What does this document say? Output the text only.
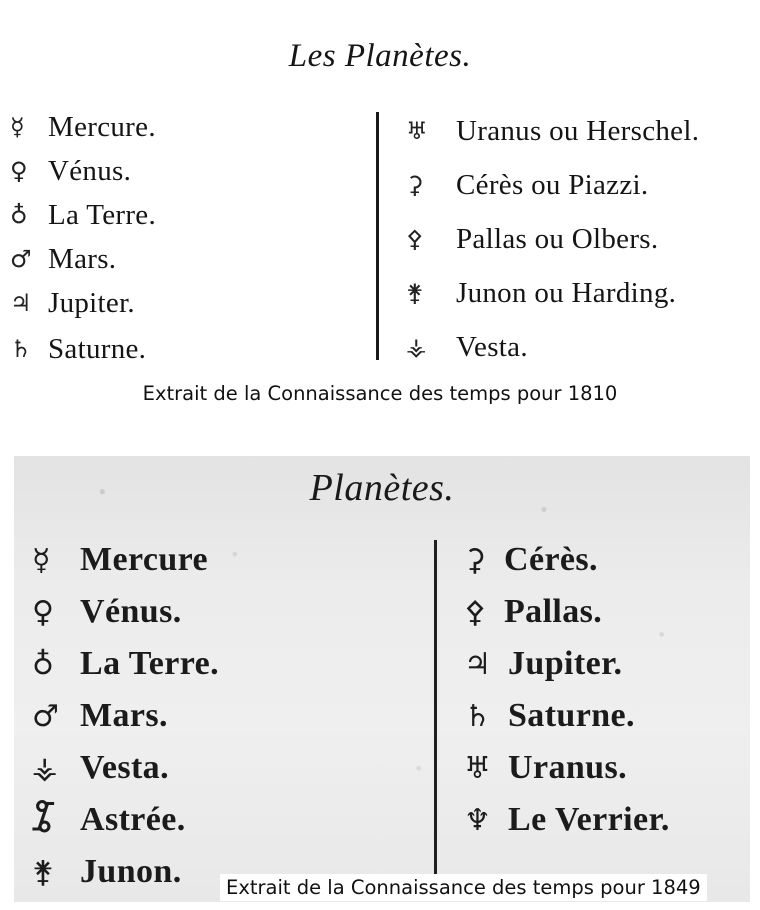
Les Planètes.
☿ Mercure.
♀ Vénus.
♁ La Terre.
♂ Mars.
♃ Jupiter.
♄ Saturne.
♅ Uranus ou Herschel.
⚳	Cérès ou Piazzi.
⚴	Pallas ou Olbers.
⚵	Junon ou Harding.
⚶	Vesta.
Extrait de la Connaissance des temps pour 1810
Planètes.
☿ Mercure
♀ Vénus.
♁ La Terre.
♂ Mars.
⚶ Vesta.
⯙ Astrée.
⚵ Junon.
⚳ Cérès.
⚴ Pallas.
♃ Jupiter.
♄ Saturne.
♅ Uranus.
♆ Le Verrier.
Extrait de la Connaissance des temps pour 1849
